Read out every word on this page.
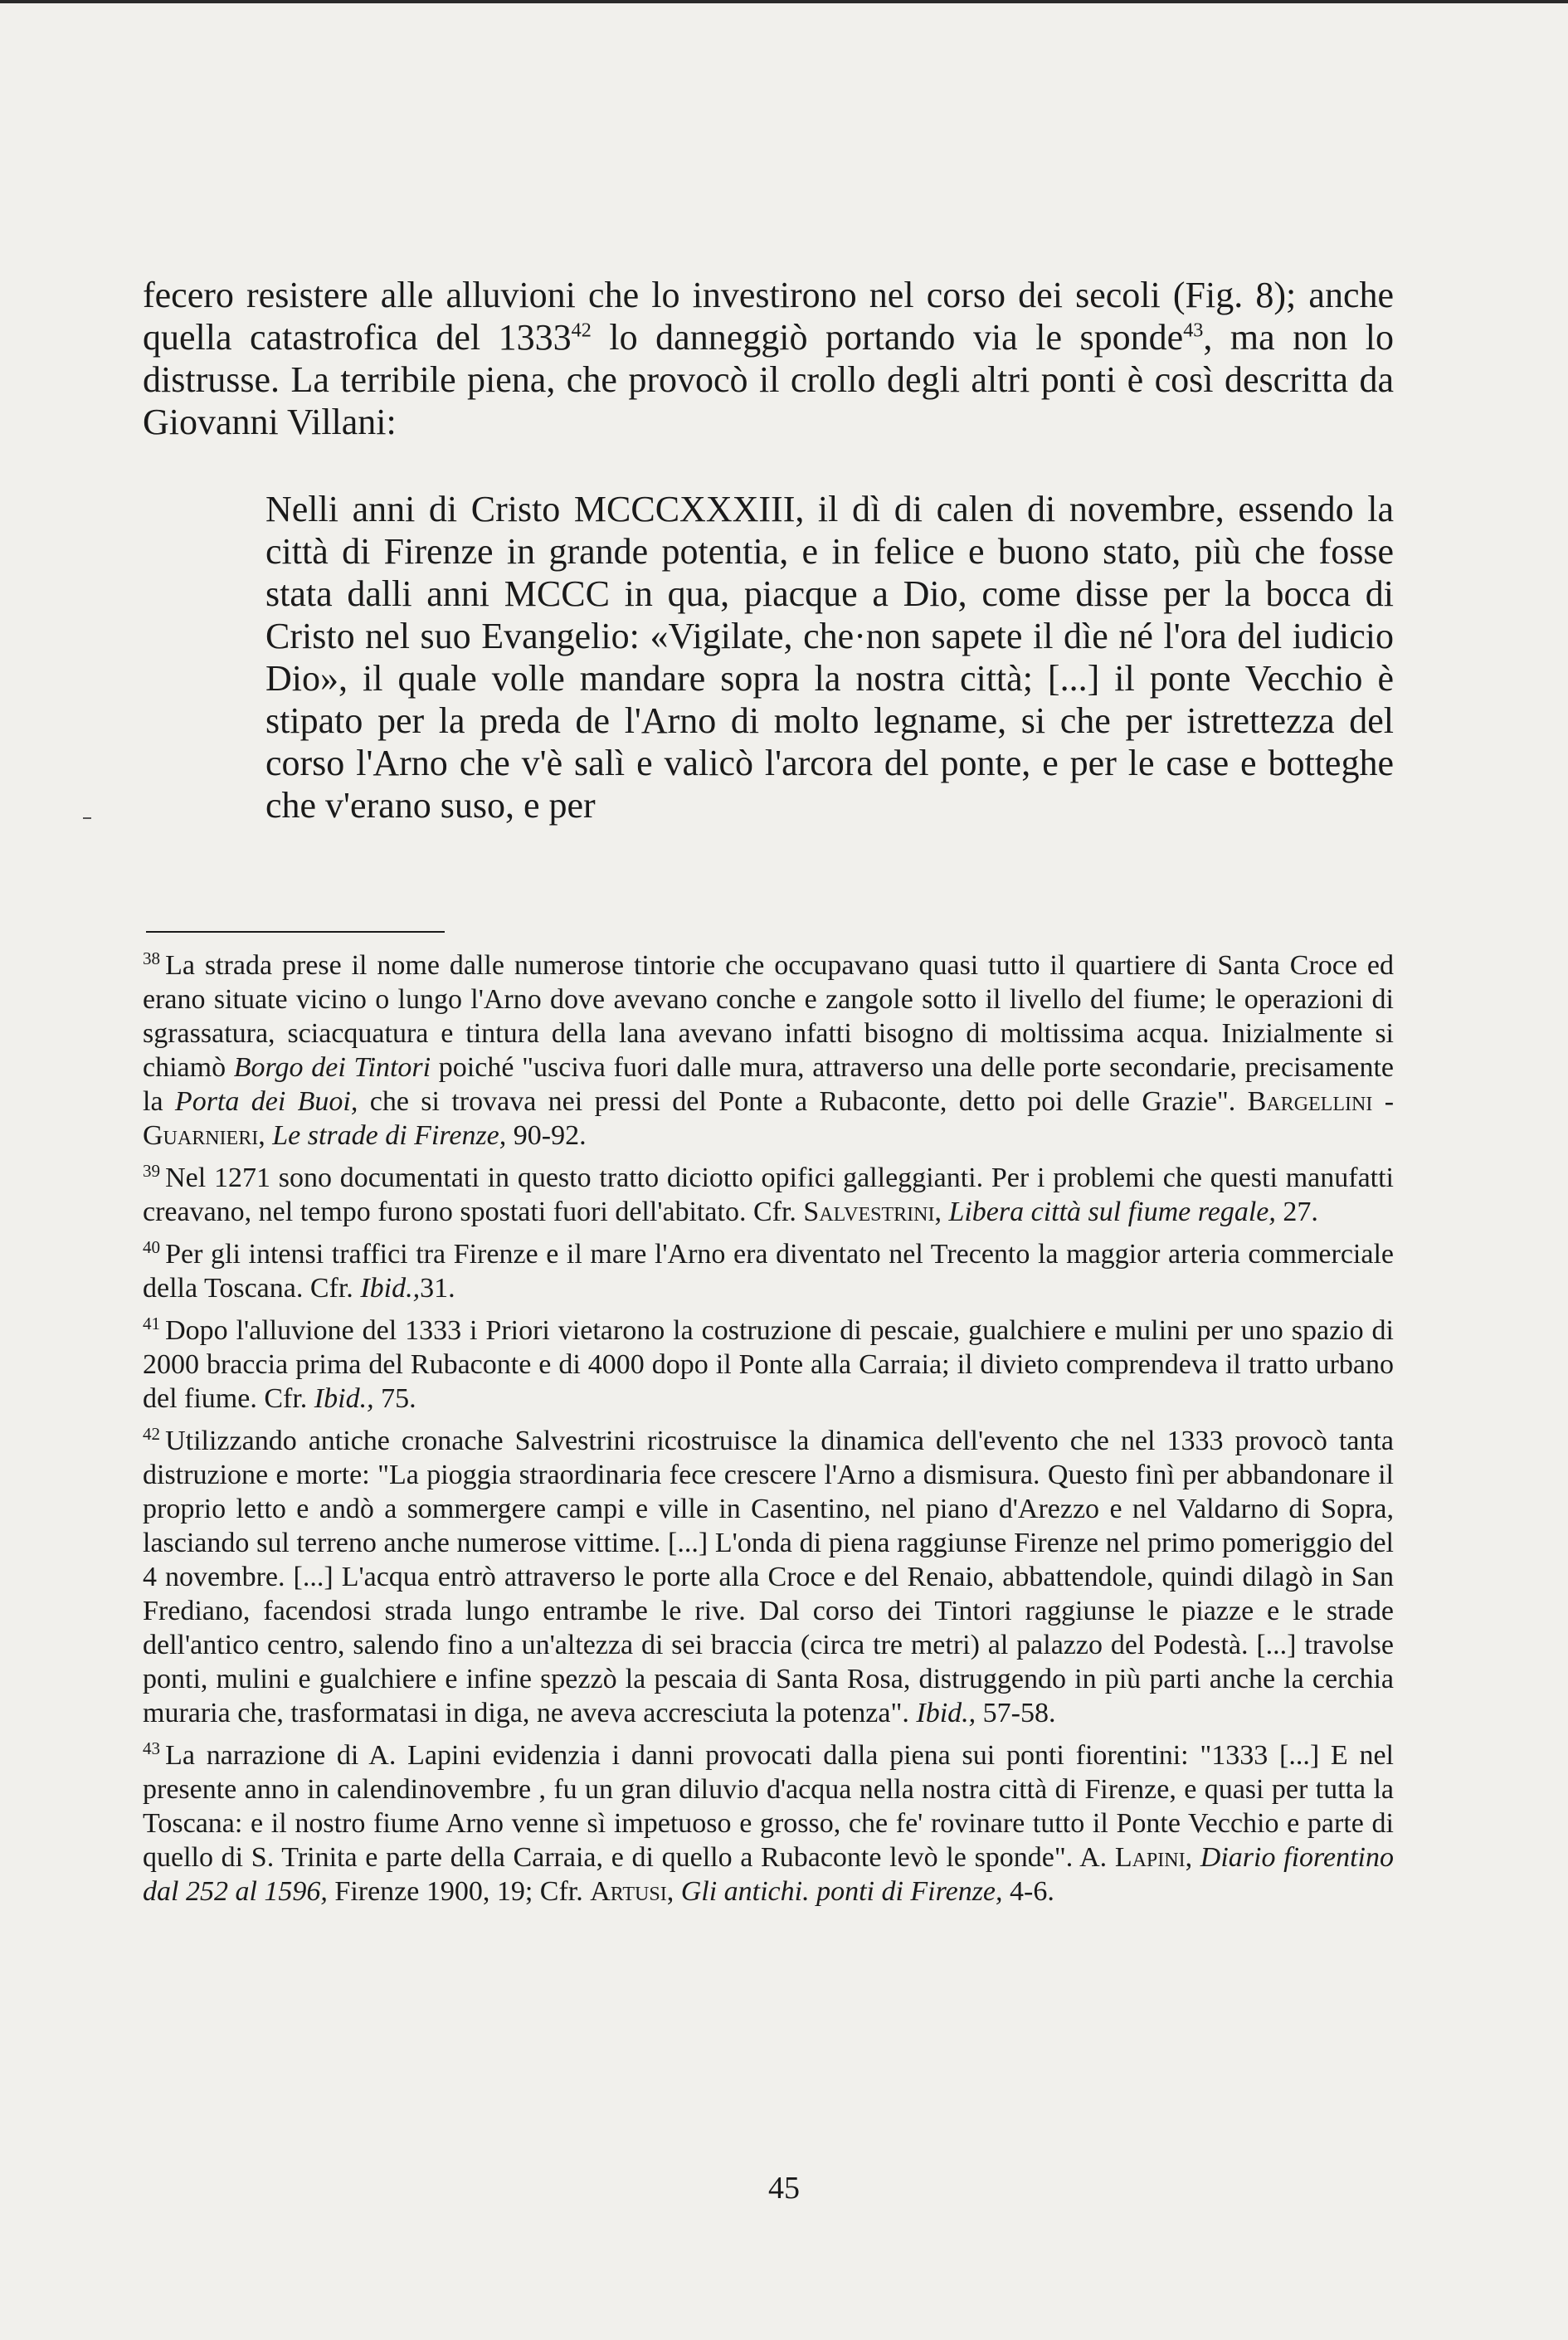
fecero resistere alle alluvioni che lo investirono nel corso dei secoli (Fig. 8); anche quella catastrofica del 1333$^{42}$ lo danneggiò portando via le sponde$^{43}$, ma non lo distrusse. La terribile piena, che provocò il crollo degli altri ponti è così descritta da Giovanni Villani:

Nelli anni di Cristo MCCCXXXIII, il dì di calen di novembre, essendo la città di Firenze in grande potentia, e in felice e buono stato, più che fosse stata dalli anni MCCC in qua, piacque a Dio, come disse per la bocca di Cristo nel suo Evangelio: «Vigilate, che·non sapete il dìe né l'ora del iudicio Dio», il quale volle mandare sopra la nostra città; [...] il ponte Vecchio è stipato per la preda de l'Arno di molto legname, si che per istrettezza del corso l'Arno che v'è salì e valicò l'arcora del ponte, e per le case e botteghe che v'erano suso, e per

$^{38}$ La strada prese il nome dalle numerose tintorie che occupavano quasi tutto il quartiere di Santa Croce ed erano situate vicino o lungo l'Arno dove avevano conche e zangole sotto il livello del fiume; le operazioni di sgrassatura, sciacquatura e tintura della lana avevano infatti bisogno di moltissima acqua. Inizialmente si chiamò Borgo dei Tintori poiché "usciva fuori dalle mura, attraverso una delle porte secondarie, precisamente la Porta dei Buoi, che si trovava nei pressi del Ponte a Rubaconte, detto poi delle Grazie". Bargellini - Guarnieri, Le strade di Firenze, 90-92.

$^{39}$ Nel 1271 sono documentati in questo tratto diciotto opifici galleggianti. Per i problemi che questi manufatti creavano, nel tempo furono spostati fuori dell'abitato. Cfr. Salvestrini, Libera città sul fiume regale, 27.

$^{40}$ Per gli intensi traffici tra Firenze e il mare l'Arno era diventato nel Trecento la maggior arteria commerciale della Toscana. Cfr. Ibid.,31.

$^{41}$ Dopo l'alluvione del 1333 i Priori vietarono la costruzione di pescaie, gualchiere e mulini per uno spazio di 2000 braccia prima del Rubaconte e di 4000 dopo il Ponte alla Carraia; il divieto comprendeva il tratto urbano del fiume. Cfr. Ibid., 75.

$^{42}$ Utilizzando antiche cronache Salvestrini ricostruisce la dinamica dell'evento che nel 1333 provocò tanta distruzione e morte: "La pioggia straordinaria fece crescere l'Arno a dismisura. Questo finì per abbandonare il proprio letto e andò a sommergere campi e ville in Casentino, nel piano d'Arezzo e nel Valdarno di Sopra, lasciando sul terreno anche numerose vittime. [...] L'onda di piena raggiunse Firenze nel primo pomeriggio del 4 novembre. [...] L'acqua entrò attraverso le porte alla Croce e del Renaio, abbattendole, quindi dilagò in San Frediano, facendosi strada lungo entrambe le rive. Dal corso dei Tintori raggiunse le piazze e le strade dell'antico centro, salendo fino a un'altezza di sei braccia (circa tre metri) al palazzo del Podestà. [...] travolse ponti, mulini e gualchiere e infine spezzò la pescaia di Santa Rosa, distruggendo in più parti anche la cerchia muraria che, trasformatasi in diga, ne aveva accresciuta la potenza". Ibid., 57-58.

$^{43}$ La narrazione di A. Lapini evidenzia i danni provocati dalla piena sui ponti fiorentini: "1333 [...] E nel presente anno in calendinovembre , fu un gran diluvio d'acqua nella nostra città di Firenze, e quasi per tutta la Toscana: e il nostro fiume Arno venne sì impetuoso e grosso, che fe' rovinare tutto il Ponte Vecchio e parte di quello di S. Trinita e parte della Carraia, e di quello a Rubaconte levò le sponde". A. Lapini, Diario fiorentino dal 252 al 1596, Firenze 1900, 19; Cfr. Artusi, Gli antichi. ponti di Firenze, 4-6.

45
